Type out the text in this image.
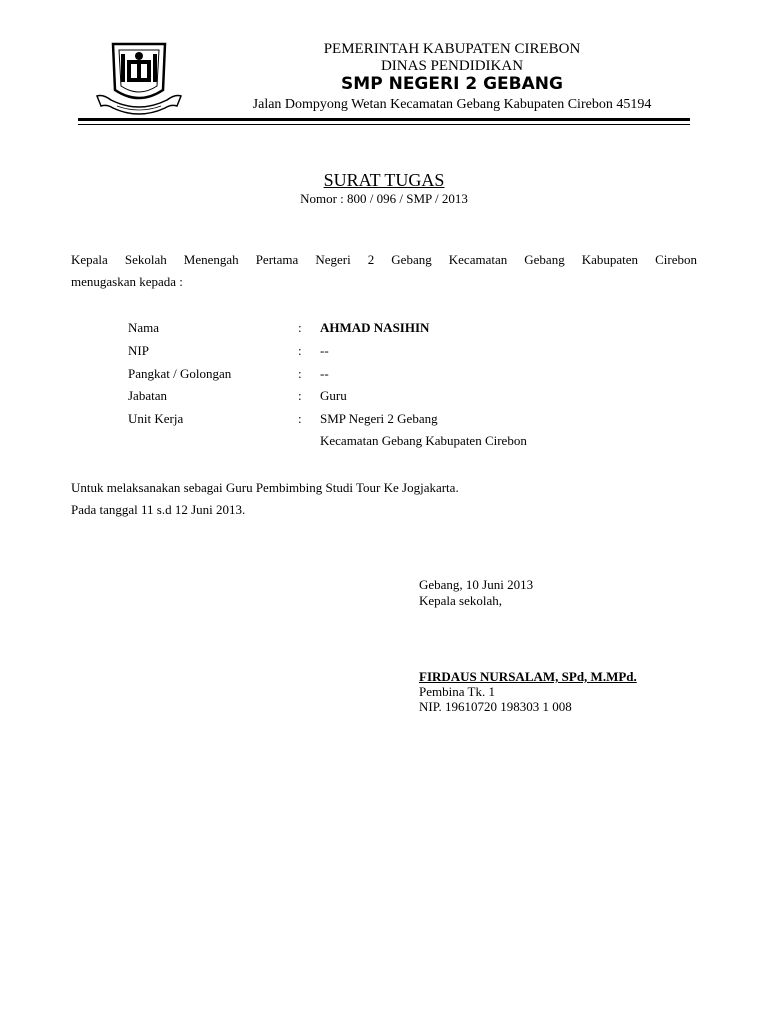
PEMERINTAH KABUPATEN CIREBON
DINAS PENDIDIKAN
SMP NEGERI 2 GEBANG
Jalan Dompyong Wetan Kecamatan Gebang Kabupaten Cirebon 45194
SURAT TUGAS
Nomor : 800 / 096 / SMP / 2013
Kepala Sekolah Menengah Pertama Negeri 2 Gebang Kecamatan Gebang Kabupaten Cirebon
menugaskan kepada :
Nama	: AHMAD NASIHIN
NIP	: --
Pangkat / Golongan	: --
Jabatan	: Guru
Unit Kerja	: SMP Negeri 2 Gebang
Kecamatan Gebang Kabupaten Cirebon
Untuk melaksanakan sebagai Guru Pembimbing Studi Tour Ke Jogjakarta.
Pada tanggal 11 s.d 12 Juni 2013.
Gebang, 10 Juni 2013
Kepala sekolah,
FIRDAUS NURSALAM, SPd, M.MPd.
Pembina Tk. 1
NIP. 19610720 198303 1 008
